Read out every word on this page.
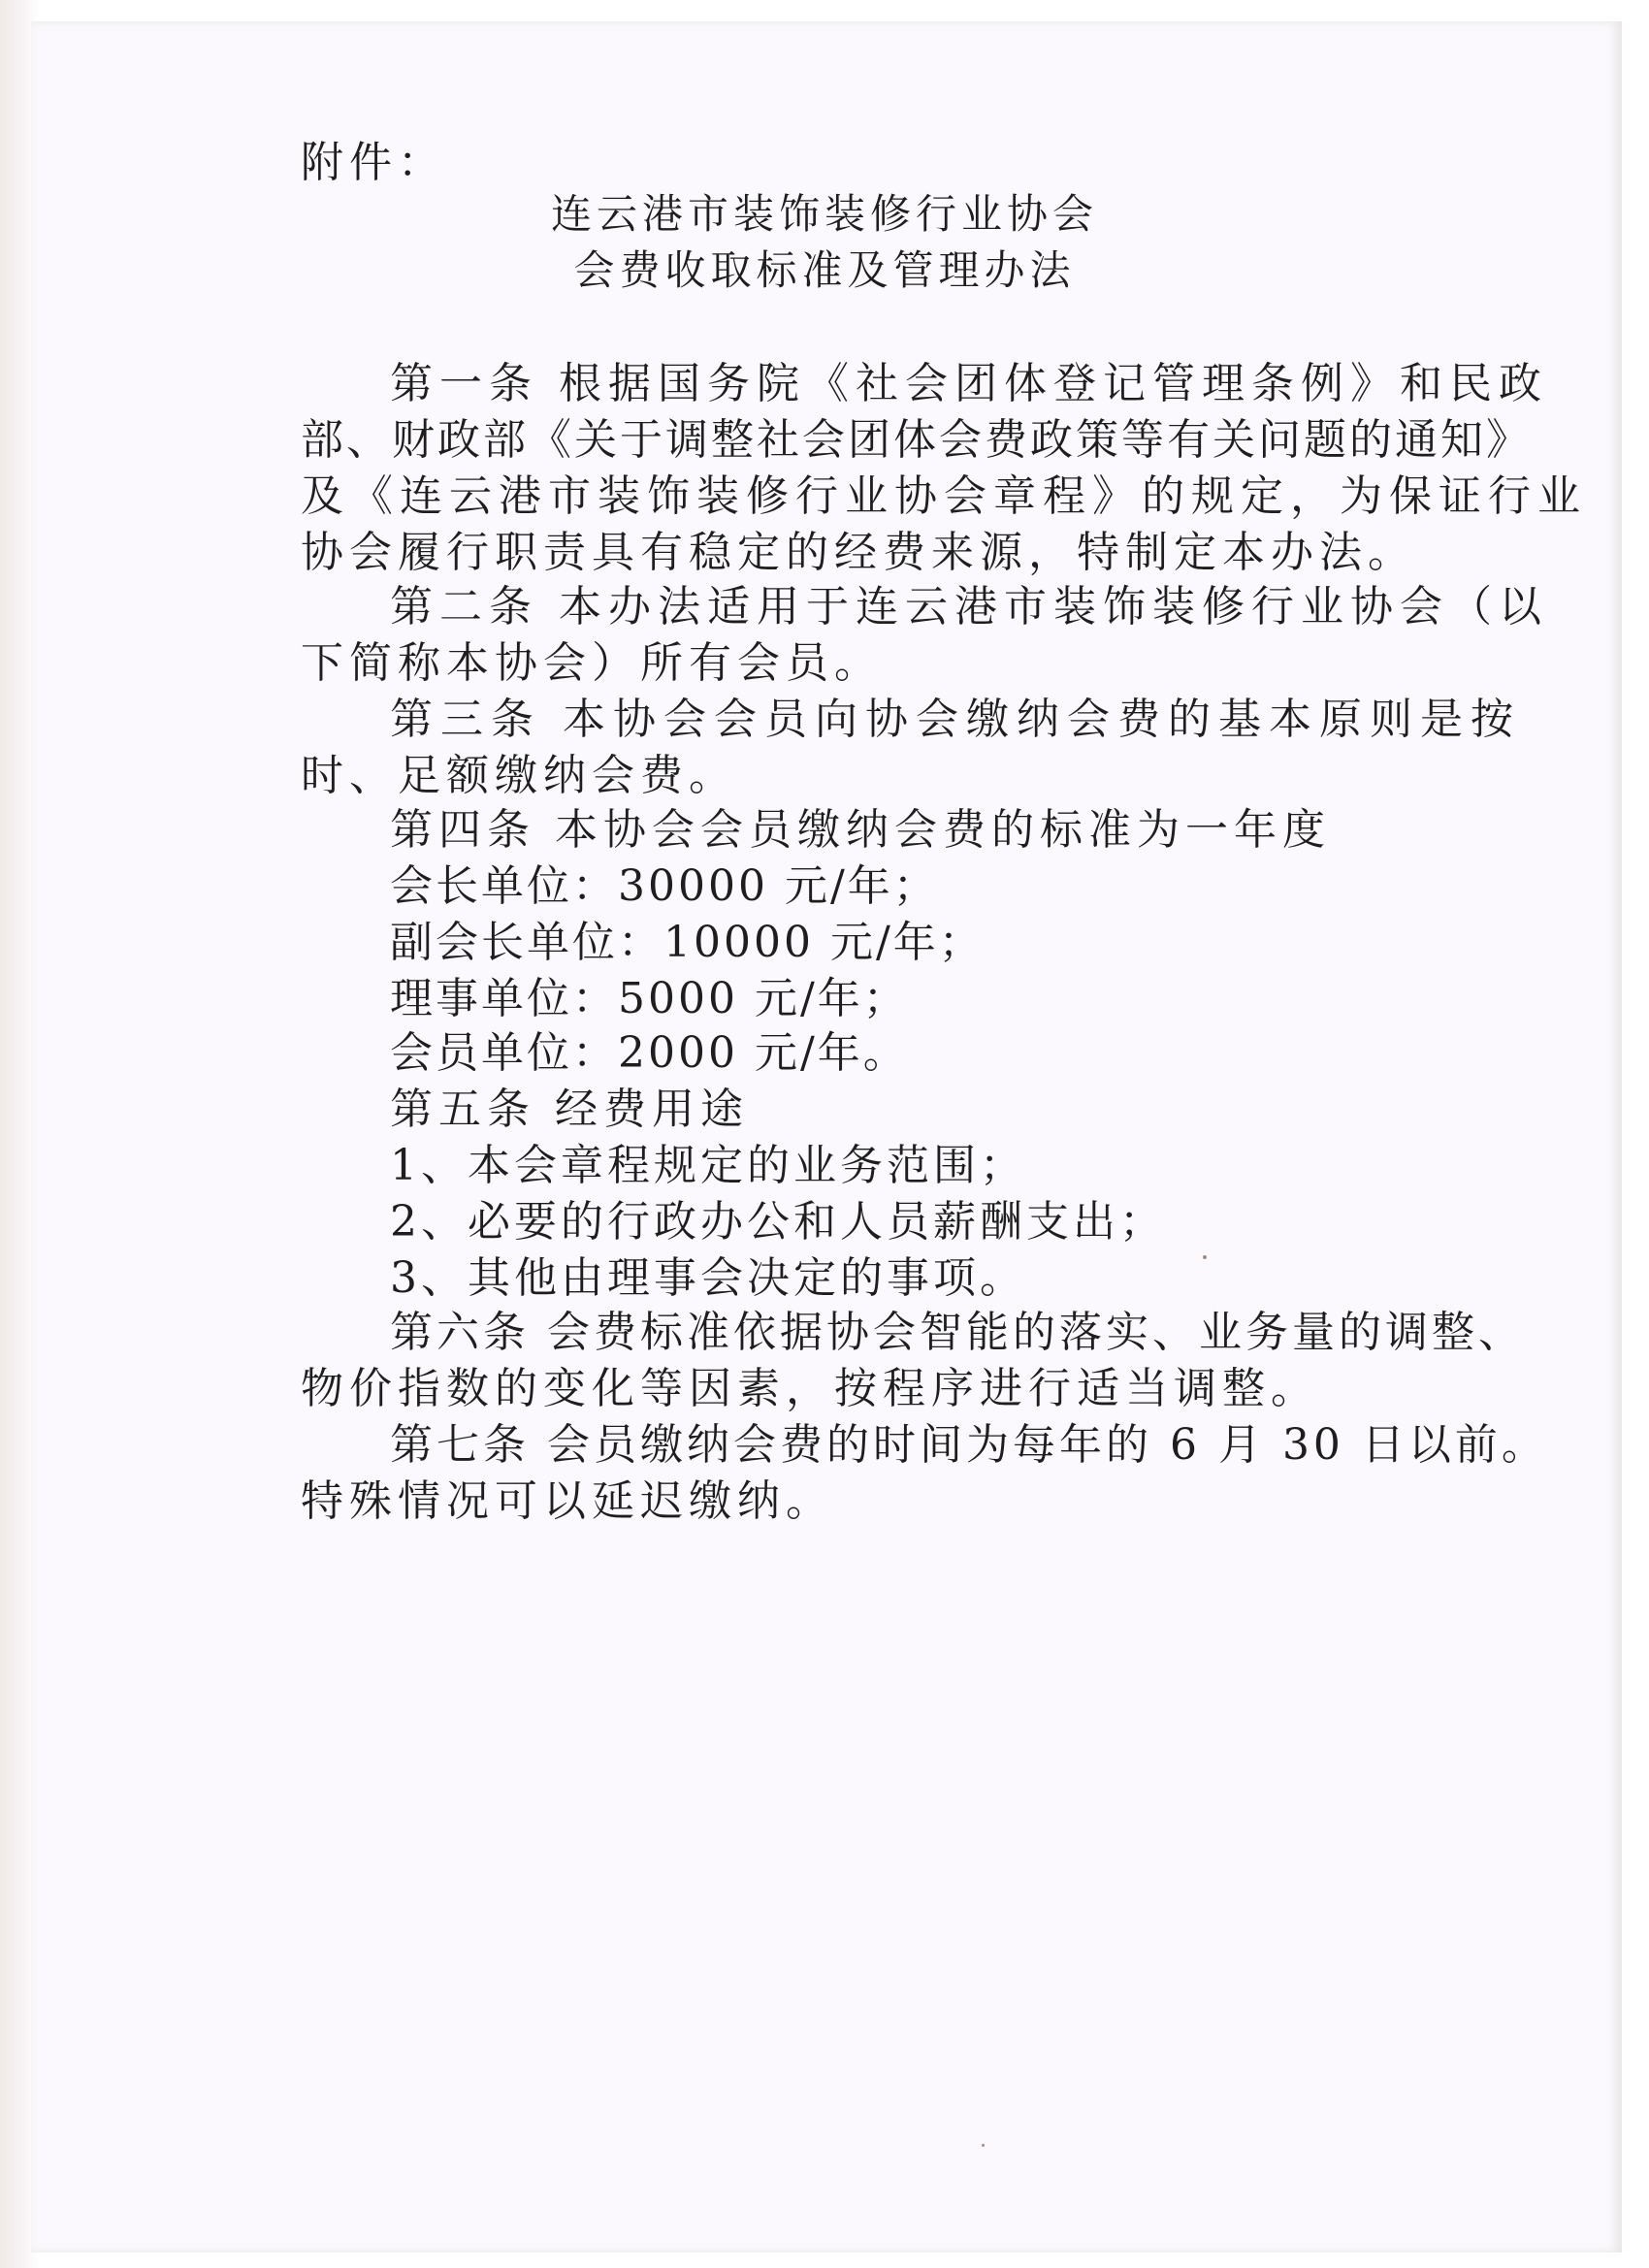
附件：
连云港市装饰装修行业协会
会费收取标准及管理办法
第一条 根据国务院《社会团体登记管理条例》和民政
部、财政部《关于调整社会团体会费政策等有关问题的通知》
及《连云港市装饰装修行业协会章程》的规定，为保证行业
协会履行职责具有稳定的经费来源，特制定本办法。
第二条 本办法适用于连云港市装饰装修行业协会（以
下简称本协会）所有会员。
第三条 本协会会员向协会缴纳会费的基本原则是按
时、足额缴纳会费。
第四条 本协会会员缴纳会费的标准为一年度
会长单位：30000 元/年；
副会长单位：10000 元/年；
理事单位：5000 元/年；
会员单位：2000 元/年。
第五条 经费用途
1、本会章程规定的业务范围；
2、必要的行政办公和人员薪酬支出；
3、其他由理事会决定的事项。
第六条 会费标准依据协会智能的落实、业务量的调整、
物价指数的变化等因素，按程序进行适当调整。
第七条 会员缴纳会费的时间为每年的 6 月 30 日以前。
特殊情况可以延迟缴纳。
